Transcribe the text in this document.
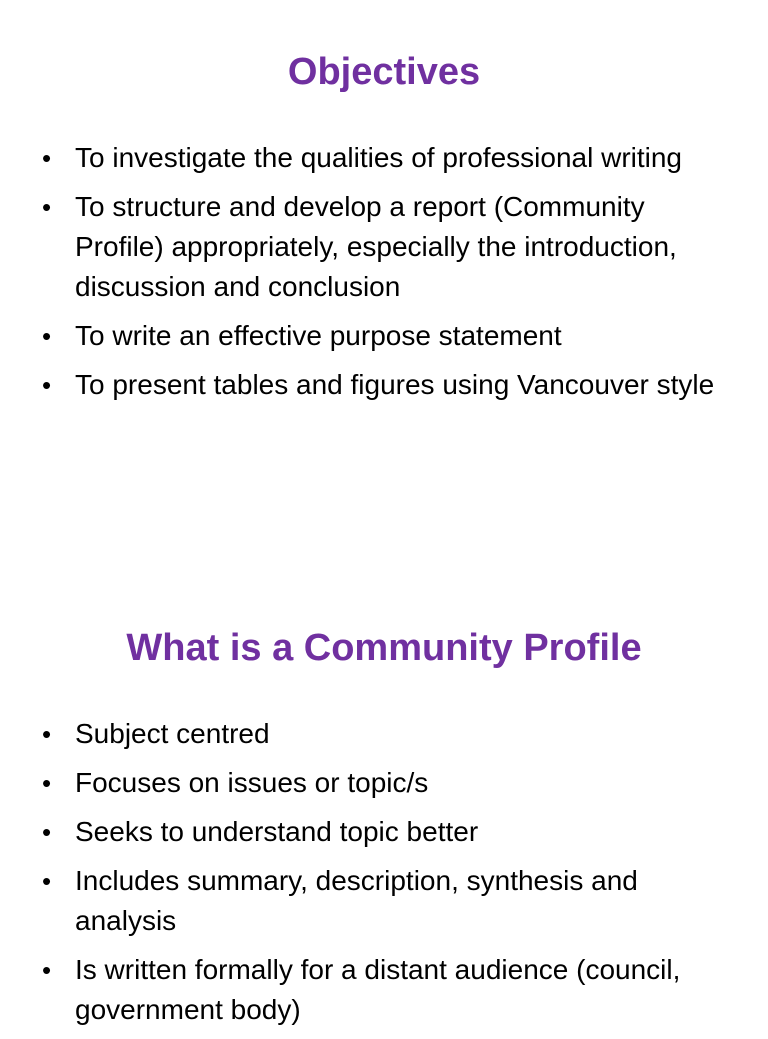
Objectives
• To investigate the qualities of professional writing
• To structure and develop a report (Community Profile) appropriately, especially the introduction, discussion and conclusion
• To write an effective purpose statement
• To present tables and figures using Vancouver style
What is a Community Profile
• Subject centred
• Focuses on issues or topic/s
• Seeks to understand topic better
• Includes summary, description, synthesis and analysis
• Is written formally for a distant audience (council, government body)
